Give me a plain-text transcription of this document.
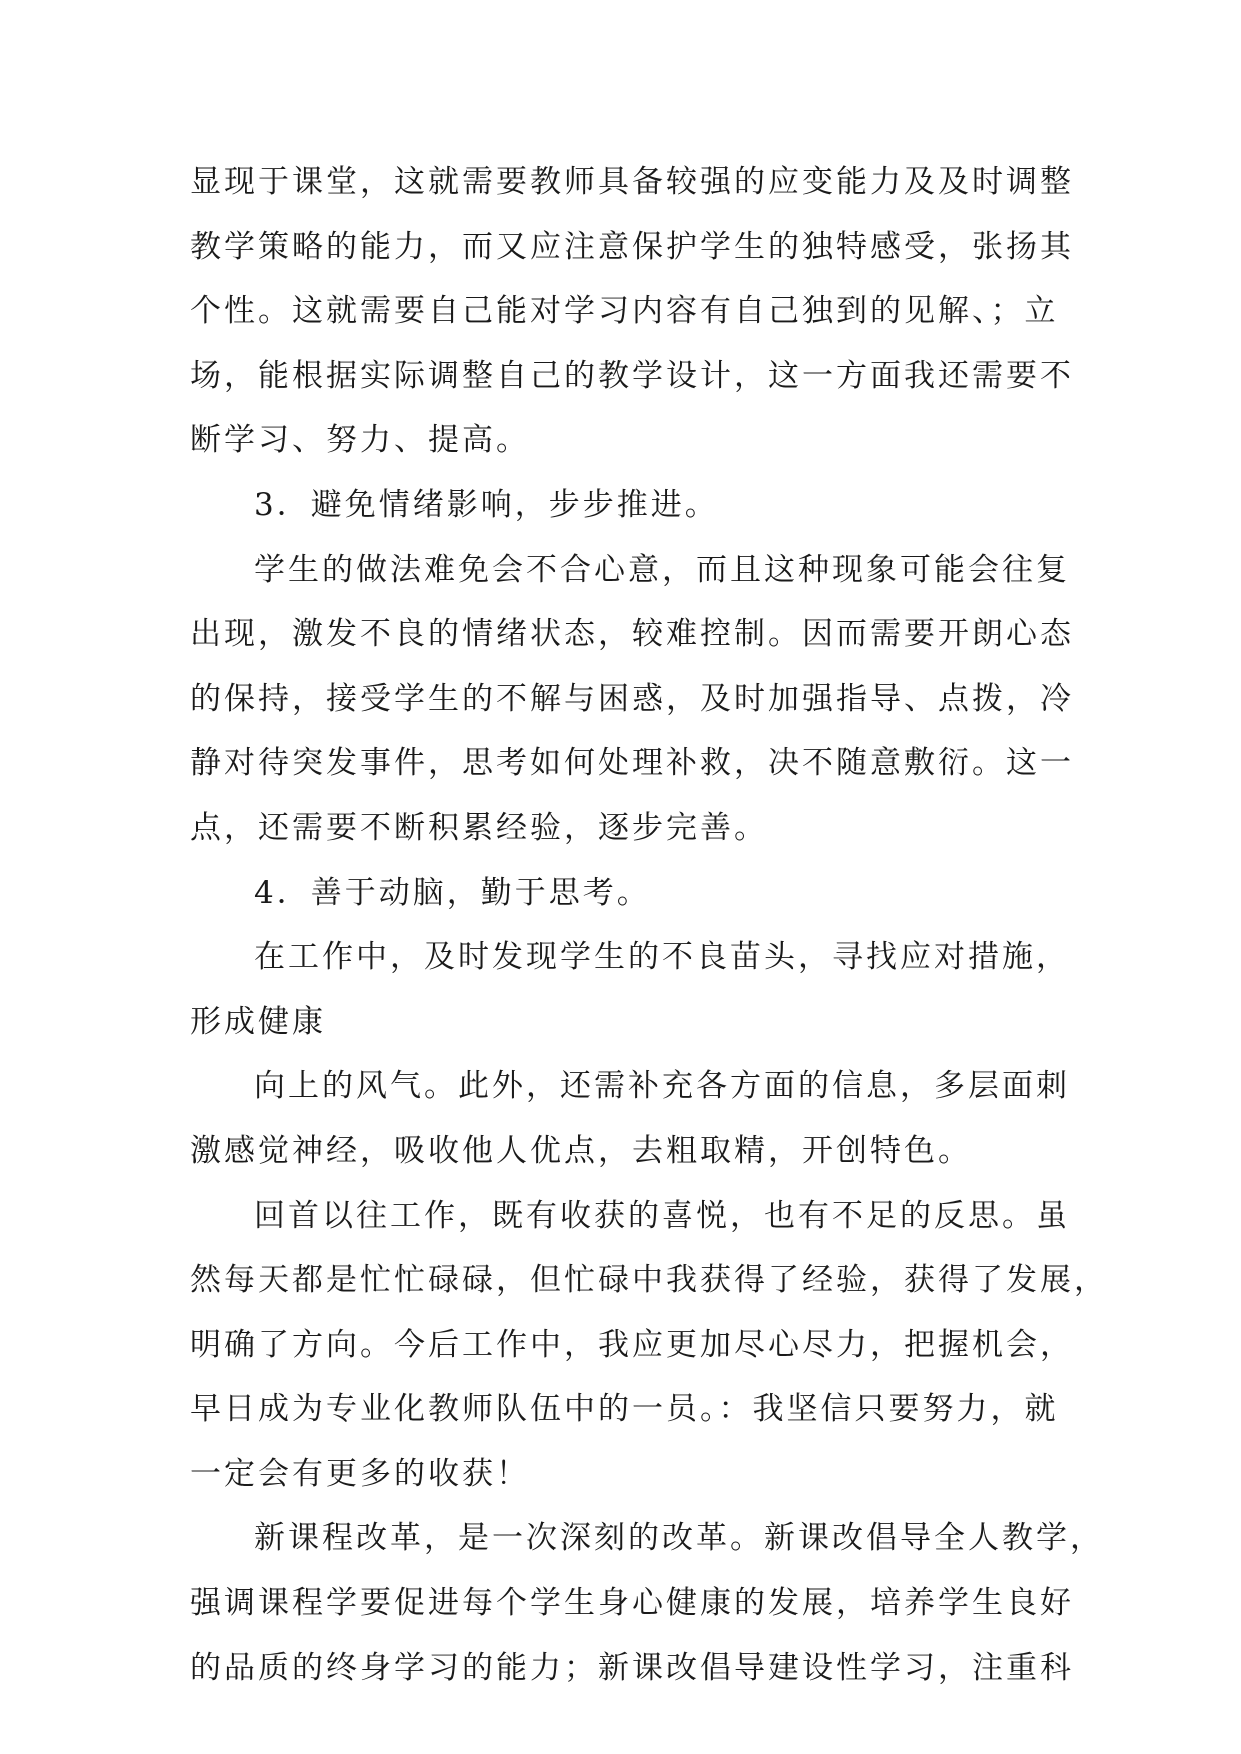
显现于课堂，这就需要教师具备较强的应变能力及及时调整
教学策略的能力，而又应注意保护学生的独特感受，张扬其
个性。这就需要自己能对学习内容有自己独到的见解、；立
场，能根据实际调整自己的教学设计，这一方面我还需要不
断学习、努力、提高。
3．避免情绪影响，步步推进。
学生的做法难免会不合心意，而且这种现象可能会往复
出现，激发不良的情绪状态，较难控制。因而需要开朗心态
的保持，接受学生的不解与困惑，及时加强指导、点拨，冷
静对待突发事件，思考如何处理补救，决不随意敷衍。这一
点，还需要不断积累经验，逐步完善。
4．善于动脑，勤于思考。
在工作中，及时发现学生的不良苗头，寻找应对措施，
形成健康
向上的风气。此外，还需补充各方面的信息，多层面刺
激感觉神经，吸收他人优点，去粗取精，开创特色。
回首以往工作，既有收获的喜悦，也有不足的反思。虽
然每天都是忙忙碌碌，但忙碌中我获得了经验，获得了发展，
明确了方向。今后工作中，我应更加尽心尽力，把握机会，
早日成为专业化教师队伍中的一员。：我坚信只要努力，就
一定会有更多的收获！
新课程改革，是一次深刻的改革。新课改倡导全人教学，
强调课程学要促进每个学生身心健康的发展，培养学生良好
的品质的终身学习的能力；新课改倡导建设性学习，注重科
